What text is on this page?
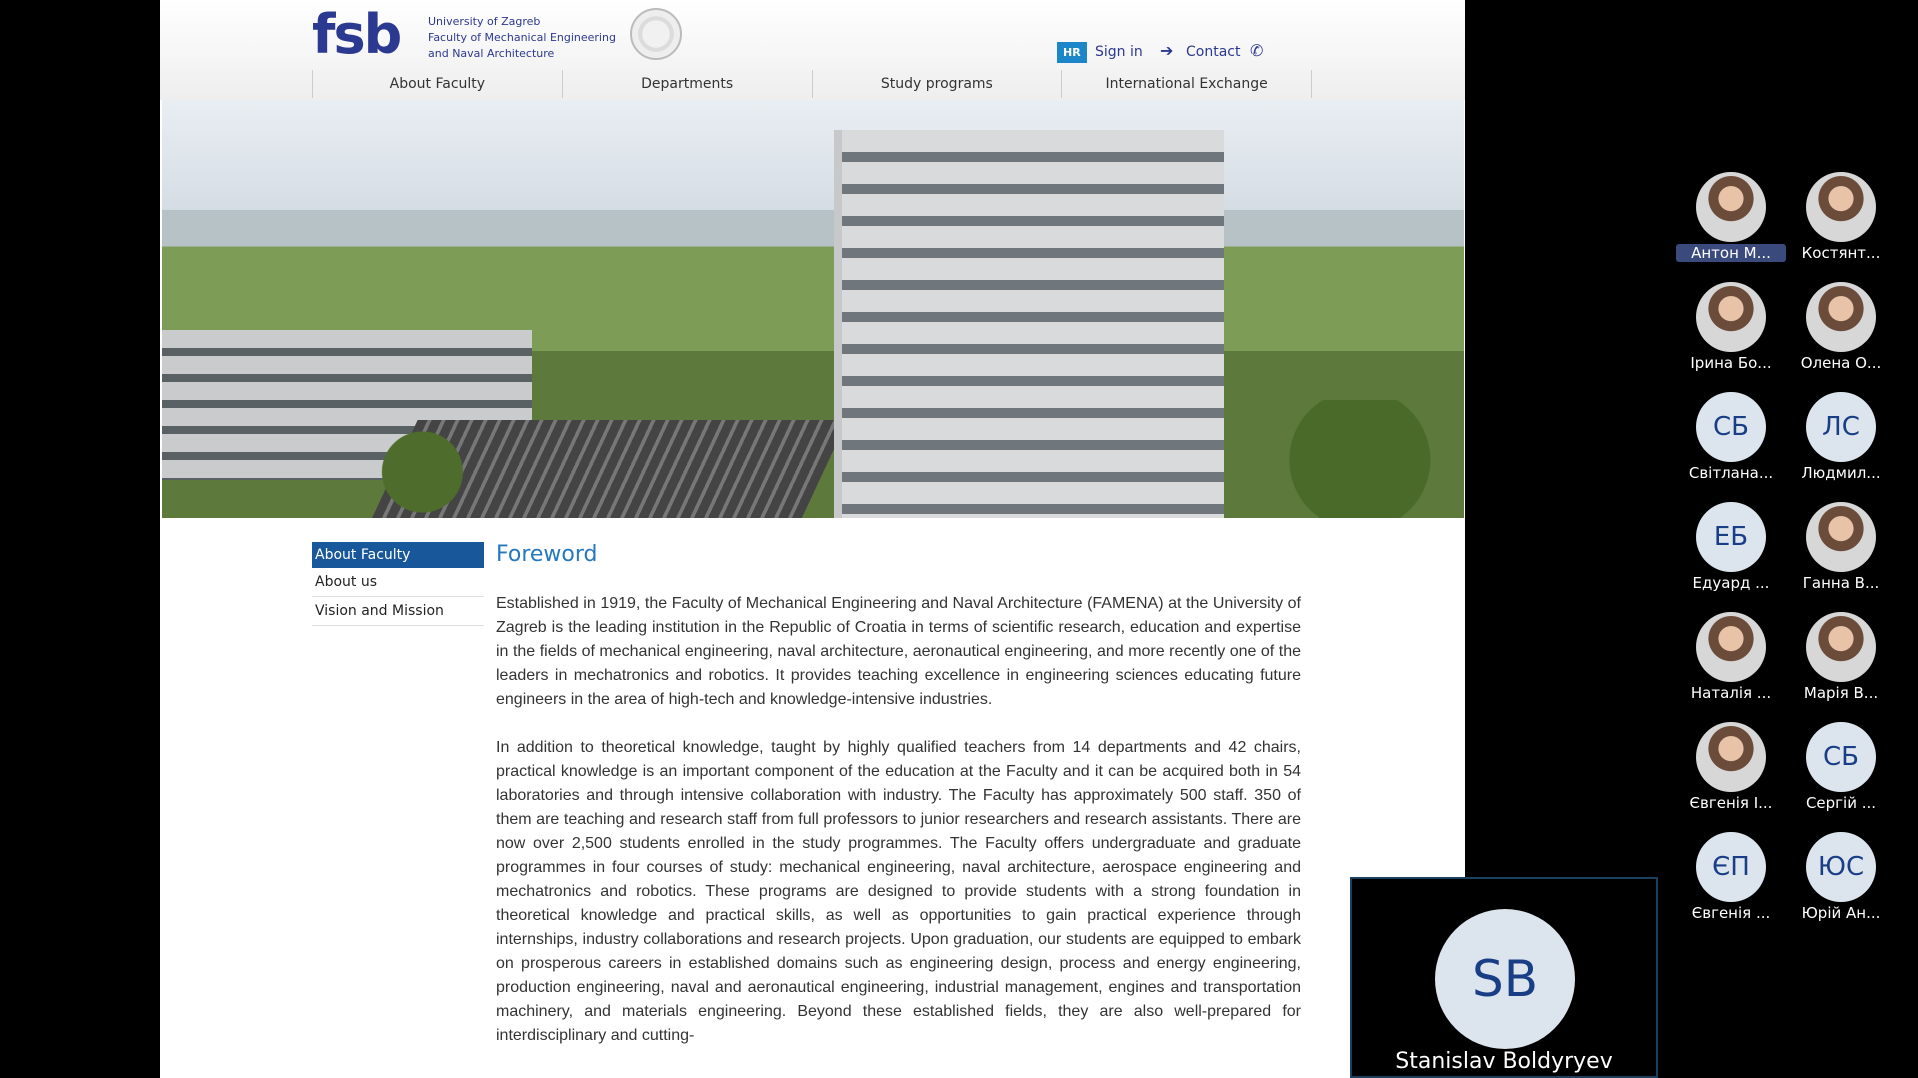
fsb	University of Zagreb
Faculty of Mechanical Engineering
and Naval Architecture	HR	Sign in ➔ Contact ✆
About Faculty	Departments	Study programs	International Exchange
About Faculty
About us
Vision and Mission
Foreword

Established in 1919, the Faculty of Mechanical Engineering and Naval Architecture (FAMENA) at the University of Zagreb is the leading institution in the Republic of Croatia in terms of scientific research, education and expertise in the fields of mechanical engineering, naval architecture, aeronautical engineering, and more recently one of the leaders in mechatronics and robotics. It provides teaching excellence in engineering sciences educating future engineers in the area of high-tech and knowledge-intensive industries.

In addition to theoretical knowledge, taught by highly qualified teachers from 14 departments and 42 chairs, practical knowledge is an important component of the education at the Faculty and it can be acquired both in 54 laboratories and through intensive collaboration with industry. The Faculty has approximately 500 staff. 350 of them are teaching and research staff from full professors to junior researchers and research assistants. There are now over 2,500 students enrolled in the study programmes. The Faculty offers undergraduate and graduate programmes in four courses of study: mechanical engineering, naval architecture, aerospace engineering and mechatronics and robotics. These programs are designed to provide students with a strong foundation in theoretical knowledge and practical skills, as well as opportunities to gain practical experience through internships, industry collaborations and research projects. Upon graduation, our students are equipped to embark on prosperous careers in established domains such as engineering design, process and energy engineering, production engineering, naval and aeronautical engineering, industrial management, engines and transportation machinery, and materials engineering. Beyond these established fields, they are also well-prepared for interdisciplinary and cutting-

Антон М...	Костянт...
Ірина Бо...	Олена О...
СБ
Світлана...
ЛС
Людмил...
ЕБ
Едуард ...	Ганна В...
Наталія ...	Марія В...
Євгенія І...
СБ
Сергій ...
ЄП
Євгенія ...
ЮС
Юрій Ан...
SB
Stanislav Boldyryev
